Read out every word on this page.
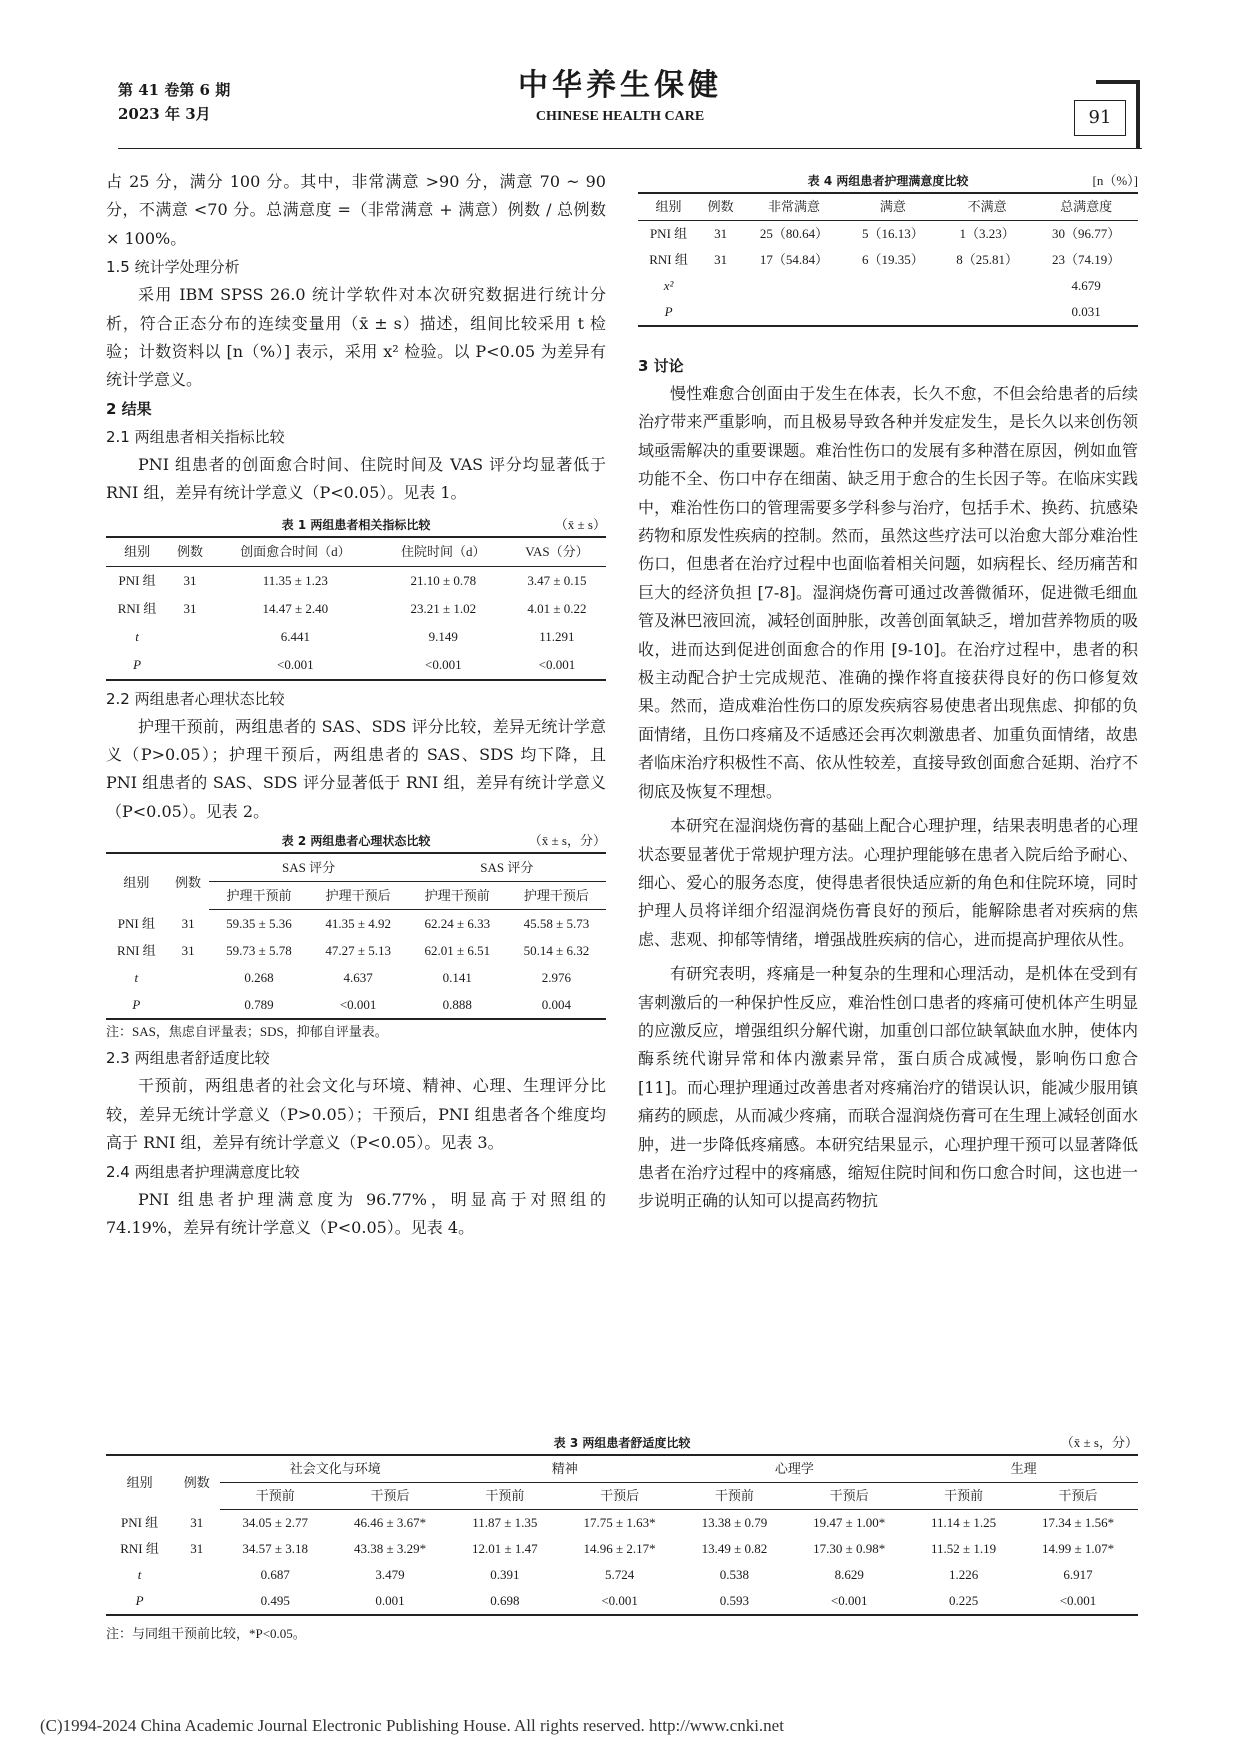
第 41 卷第 6 期
2023 年 3月
中华养生保健
CHINESE HEALTH CARE	91

占 25 分，满分 100 分。其中，非常满意 >90 分，满意 70 ~ 90 分，不满意 <70 分。总满意度 =（非常满意 + 满意）例数 / 总例数 × 100%。

1.5 统计学处理分析

采用 IBM SPSS 26.0 统计学软件对本次研究数据进行统计分析，符合正态分布的连续变量用（x̄ ± s）描述，组间比较采用 t 检验；计数资料以 [n（%）] 表示，采用 x² 检验。以 P<0.05 为差异有统计学意义。

2 结果
2.1 两组患者相关指标比较

PNI 组患者的创面愈合时间、住院时间及 VAS 评分均显著低于 RNI 组，差异有统计学意义（P<0.05）。见表 1。

表 1 两组患者相关指标比较	（x̄ ± s）
组别	例数	创面愈合时间（d）	住院时间（d）	VAS（分）
PNI 组	31	11.35 ± 1.23	21.10 ± 0.78	3.47 ± 0.15
RNI 组	31	14.47 ± 2.40	23.21 ± 1.02	4.01 ± 0.22
t		6.441	9.149	11.291
P		<0.001	<0.001	<0.001
2.2 两组患者心理状态比较

护理干预前，两组患者的 SAS、SDS 评分比较，差异无统计学意义（P>0.05）；护理干预后，两组患者的 SAS、SDS 均下降，且 PNI 组患者的 SAS、SDS 评分显著低于 RNI 组，差异有统计学意义（P<0.05）。见表 2。

表 2 两组患者心理状态比较	（x̄ ± s，分）
组别	例数	SAS 评分		SAS 评分	
		护理干预前	护理干预后	护理干预前	护理干预后
PNI 组	31	59.35 ± 5.36	41.35 ± 4.92	62.24 ± 6.33	45.58 ± 5.73
RNI 组	31	59.73 ± 5.78	47.27 ± 5.13	62.01 ± 6.51	50.14 ± 6.32
t		0.268	4.637	0.141	2.976
P		0.789	<0.001	0.888	0.004
注：SAS，焦虑自评量表；SDS，抑郁自评量表。
2.3 两组患者舒适度比较

干预前，两组患者的社会文化与环境、精神、心理、生理评分比较，差异无统计学意义（P>0.05）；干预后，PNI 组患者各个维度均高于 RNI 组，差异有统计学意义（P<0.05）。见表 3。

2.4 两组患者护理满意度比较

PNI 组患者护理满意度为 96.77%，明显高于对照组的 74.19%，差异有统计学意义（P<0.05）。见表 4。

表 4 两组患者护理满意度比较	[n（%）]
组别	例数	非常满意	满意	不满意	总满意度
PNI 组	31	25（80.64）	5（16.13）	1（3.23）	30（96.77）
RNI 组	31	17（54.84）	6（19.35）	8（25.81）	23（74.19）
x²					4.679
P					0.031
3 讨论

慢性难愈合创面由于发生在体表，长久不愈，不但会给患者的后续治疗带来严重影响，而且极易导致各种并发症发生，是长久以来创伤领域亟需解决的重要课题。难治性伤口的发展有多种潜在原因，例如血管功能不全、伤口中存在细菌、缺乏用于愈合的生长因子等。在临床实践中，难治性伤口的管理需要多学科参与治疗，包括手术、换药、抗感染药物和原发性疾病的控制。然而，虽然这些疗法可以治愈大部分难治性伤口，但患者在治疗过程中也面临着相关问题，如病程长、经历痛苦和巨大的经济负担 [7-8]。湿润烧伤膏可通过改善微循环，促进微毛细血管及淋巴液回流，减轻创面肿胀，改善创面氧缺乏，增加营养物质的吸收，进而达到促进创面愈合的作用 [9-10]。在治疗过程中，患者的积极主动配合护士完成规范、准确的操作将直接获得良好的伤口修复效果。然而，造成难治性伤口的原发疾病容易使患者出现焦虑、抑郁的负面情绪，且伤口疼痛及不适感还会再次刺激患者、加重负面情绪，故患者临床治疗积极性不高、依从性较差，直接导致创面愈合延期、治疗不彻底及恢复不理想。

本研究在湿润烧伤膏的基础上配合心理护理，结果表明患者的心理状态要显著优于常规护理方法。心理护理能够在患者入院后给予耐心、细心、爱心的服务态度，使得患者很快适应新的角色和住院环境，同时护理人员将详细介绍湿润烧伤膏良好的预后，能解除患者对疾病的焦虑、悲观、抑郁等情绪，增强战胜疾病的信心，进而提高护理依从性。

有研究表明，疼痛是一种复杂的生理和心理活动，是机体在受到有害刺激后的一种保护性反应，难治性创口患者的疼痛可使机体产生明显的应激反应，增强组织分解代谢，加重创口部位缺氧缺血水肿，使体内酶系统代谢异常和体内激素异常，蛋白质合成减慢，影响伤口愈合 [11]。而心理护理通过改善患者对疼痛治疗的错误认识，能减少服用镇痛药的顾虑，从而减少疼痛，而联合湿润烧伤膏可在生理上减轻创面水肿，进一步降低疼痛感。本研究结果显示，心理护理干预可以显著降低患者在治疗过程中的疼痛感，缩短住院时间和伤口愈合时间，这也进一步说明正确的认知可以提高药物抗

表 3 两组患者舒适度比较	（x̄ ± s，分）
组别	例数	社会文化与环境		精神		心理学		生理	
		干预前	干预后	干预前	干预后	干预前	干预后	干预前	干预后
PNI 组	31	34.05 ± 2.77	46.46 ± 3.67*	11.87 ± 1.35	17.75 ± 1.63*	13.38 ± 0.79	19.47 ± 1.00*	11.14 ± 1.25	17.34 ± 1.56*
RNI 组	31	34.57 ± 3.18	43.38 ± 3.29*	12.01 ± 1.47	14.96 ± 2.17*	13.49 ± 0.82	17.30 ± 0.98*	11.52 ± 1.19	14.99 ± 1.07*
t		0.687	3.479	0.391	5.724	0.538	8.629	1.226	6.917
P		0.495	0.001	0.698	<0.001	0.593	<0.001	0.225	<0.001
注：与同组干预前比较，*P<0.05。
(C)1994-2024 China Academic Journal Electronic Publishing House. All rights reserved. http://www.cnki.net
